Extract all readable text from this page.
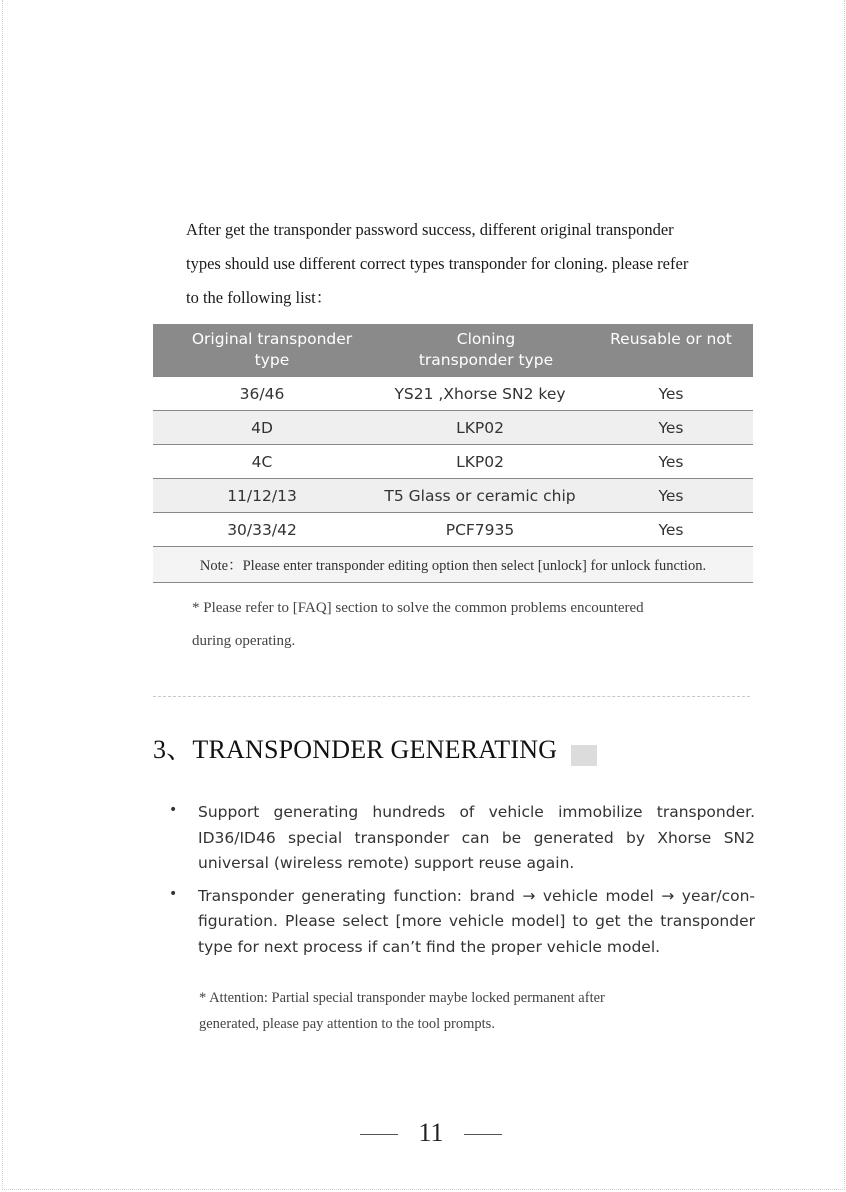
After get the transponder password success, different original transponder

types should use different correct types transponder for cloning. please refer

to the following list：

Original transponder type	Cloning transponder type	Reusable or not
36/46	YS21 ,Xhorse SN2 key	Yes
4D	LKP02	Yes
4C	LKP02	Yes
11/12/13	T5 Glass or ceramic chip	Yes
30/33/42	PCF7935	Yes
Note：Please enter transponder editing option then select [unlock] for unlock function.		

* Please refer to [FAQ] section to solve the common problems encountered

during operating.

3、TRANSPONDER GENERATING
• Support generating hundreds of vehicle immobilize transponder. ID36/ID46 special transponder can be generated by Xhorse SN2 universal (wireless remote) support reuse again.
• Transponder generating function: brand → vehicle model → year/con-figuration. Please select [more vehicle model] to get the transponder type for next process if can’t find the proper vehicle model.

* Attention: Partial special transponder maybe locked permanent after

generated, please pay attention to the tool prompts.

11
